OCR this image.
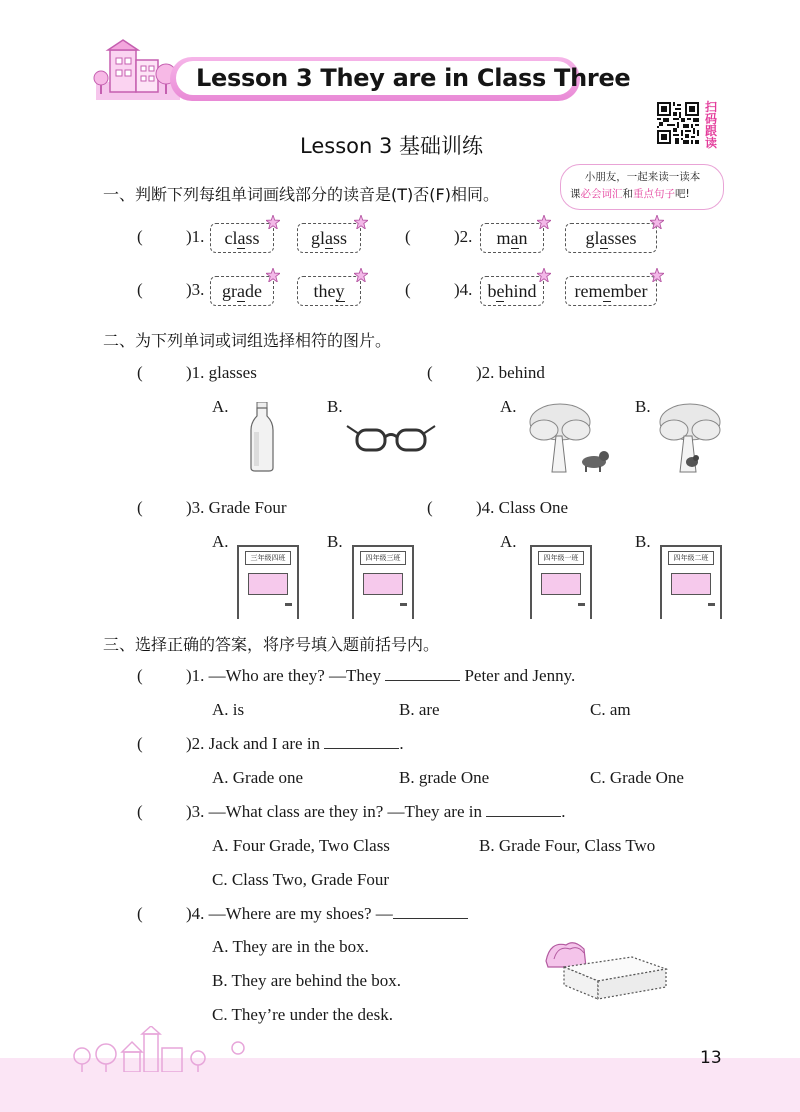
Lesson 3 They are in Class Three
Lesson 3 基础训练
扫码跟读
小朋友，一起来读一读本
课必会词汇和重点句子吧!
一、判断下列每组单词画线部分的读音是(T)否(F)相同。
(	)1.	class	glass	(	)2.	man	glasses
(	)3. grade	they	(	)4. behind	remember
二、为下列单词或词组选择相符的图片。
(	)1. glasses	(	)2. behind
A.	B.	A.	B.
(	)3. Grade Four	(	)4. Class One
A.	B.	A.	B.
三年级四班	四年级三班	四年级一班	四年级二班
三、选择正确的答案，将序号填入题前括号内。
(	)1. —Who are they? —They	Peter and Jenny.
A. is	B. are	C. am
(	)2. Jack and I are in	.
A. Grade one	B. grade One	C. Grade One
(	)3. —What class are they in? —They are in	.
A. Four Grade, Two Class	B. Grade Four, Class Two
C. Class Two, Grade Four
(	)4. —Where are my shoes? —
A. They are in the box.
B. They are behind the box.
C. They’re under the desk.
13
